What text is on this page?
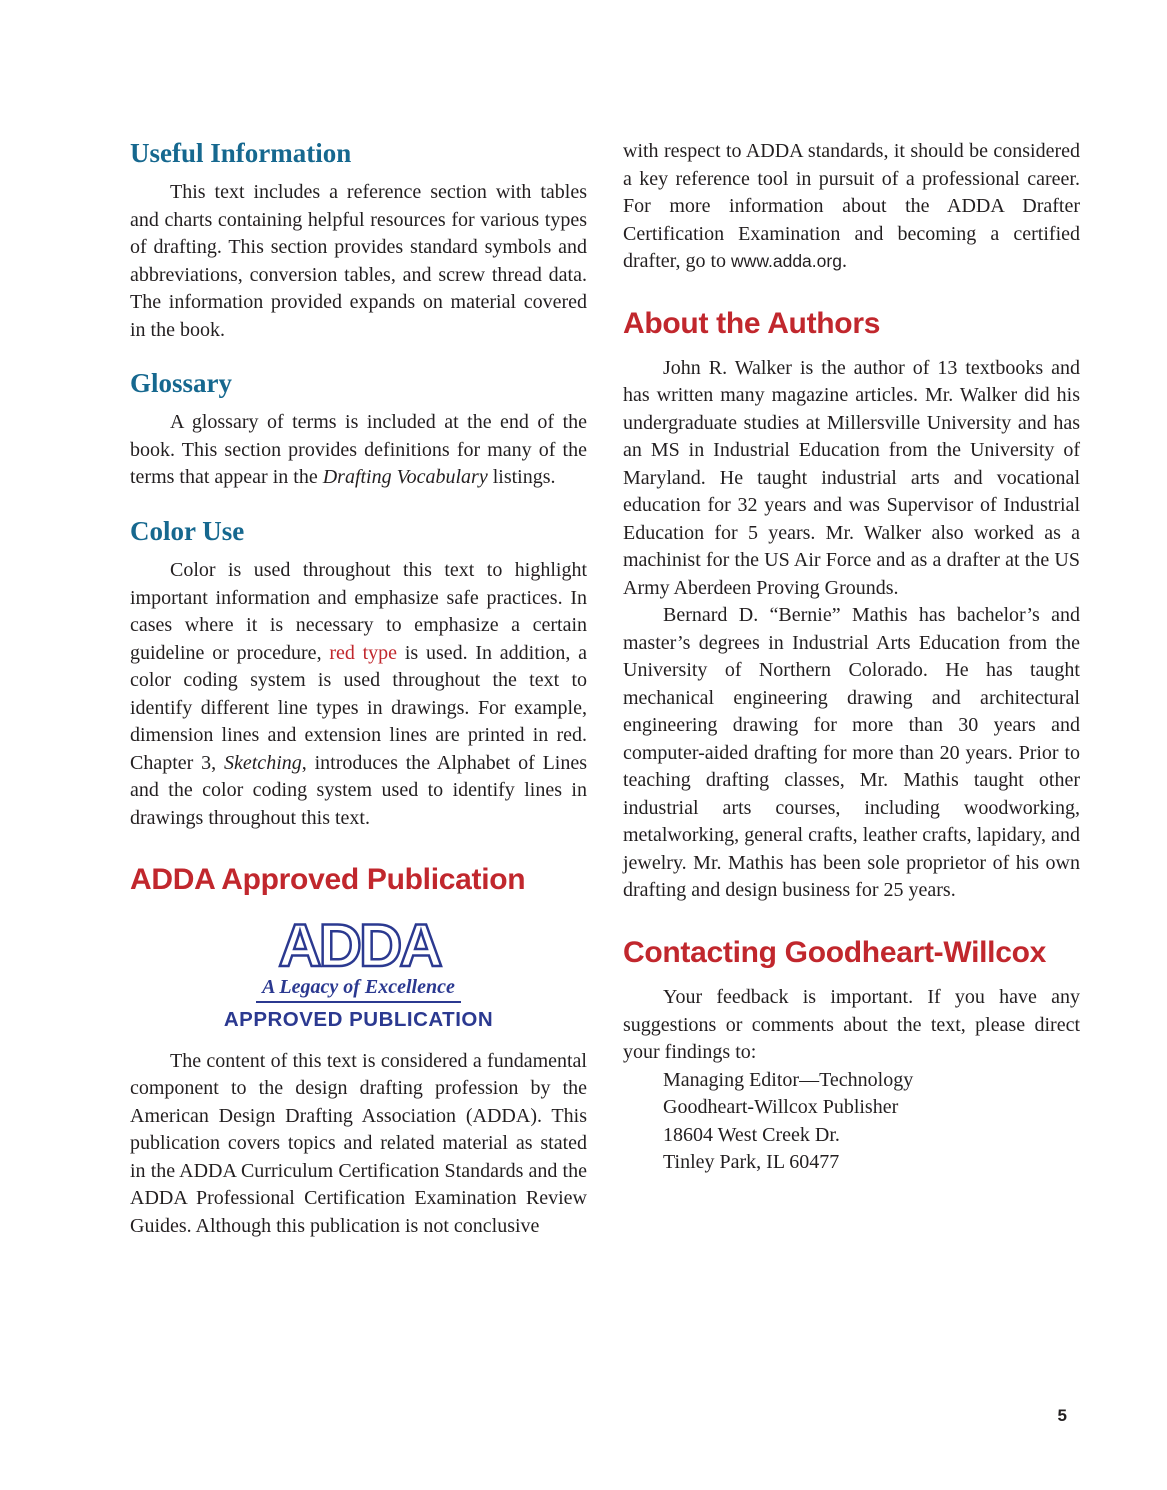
Useful Information

This text includes a reference section with tables and charts containing helpful resources for various types of drafting. This section provides standard symbols and abbreviations, conversion tables, and screw thread data. The information provided expands on material covered in the book.

Glossary

A glossary of terms is included at the end of the book. This section provides definitions for many of the terms that appear in the Drafting Vocabulary listings.

Color Use

Color is used throughout this text to highlight important information and emphasize safe practices. In cases where it is necessary to emphasize a certain guideline or procedure, red type is used. In addition, a color coding system is used throughout the text to identify different line types in drawings. For example, dimension lines and extension lines are printed in red. Chapter 3, Sketching, introduces the Alphabet of Lines and the color coding system used to identify lines in drawings throughout this text.

ADDA Approved Publication
ADDA
A Legacy of Excellence
APPROVED PUBLICATION

The content of this text is considered a fundamental component to the design drafting profession by the American Design Drafting Association (ADDA). This publication covers topics and related material as stated in the ADDA Curriculum Certification Standards and the ADDA Professional Certification Examination Review Guides. Although this publication is not conclusive

with respect to ADDA standards, it should be considered a key reference tool in pursuit of a professional career. For more information about the ADDA Drafter Certification Examination and becoming a certified drafter, go to www.adda.org.

About the Authors

John R. Walker is the author of 13 textbooks and has written many magazine articles. Mr. Walker did his undergraduate studies at Millersville University and has an MS in Industrial Education from the University of Maryland. He taught industrial arts and vocational education for 32 years and was Supervisor of Industrial Education for 5 years. Mr. Walker also worked as a machinist for the US Air Force and as a drafter at the US Army Aberdeen Proving Grounds.

Bernard D. “Bernie” Mathis has bachelor’s and master’s degrees in Industrial Arts Education from the University of Northern Colorado. He has taught mechanical engineering drawing and architectural engineering drawing for more than 30 years and computer-aided drafting for more than 20 years. Prior to teaching drafting classes, Mr. Mathis taught other industrial arts courses, including woodworking, metalworking, general crafts, leather crafts, lapidary, and jewelry. Mr. Mathis has been sole proprietor of his own drafting and design business for 25 years.

Contacting Goodheart-Willcox

Your feedback is important. If you have any suggestions or comments about the text, please direct your findings to:

Managing Editor—Technology
Goodheart-Willcox Publisher
18604 West Creek Dr.
Tinley Park, IL 60477
5
